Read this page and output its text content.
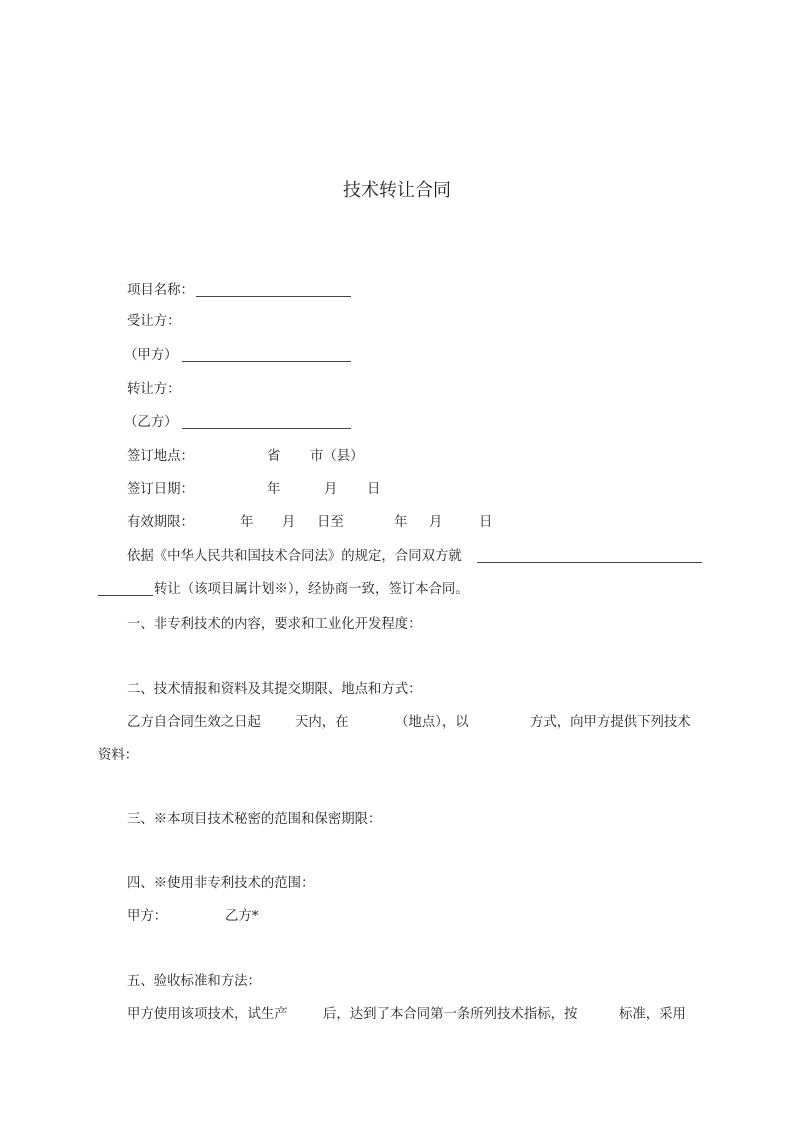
技术转让合同
项目名称：
受让方：
（甲方）
转让方：
（乙方）
签订地点：	省 市（县）
签订日期：	年	月 日
有效期限：	年 月 日至	年 月	日
依据《中华人民共和国技术合同法》的规定，合同双方就
转让（该项目属计划※），经协商一致，签订本合同。
一、非专利技术的内容，要求和工业化开发程度：
二、技术情报和资料及其提交期限、地点和方式：
乙方自合同生效之日起	天内，在	（地点），以	方式，向甲方提供下列技术
资料：
三、※本项目技术秘密的范围和保密期限：
四、※使用非专利技术的范围：
甲方：	乙方*
五、验收标准和方法：
甲方使用该项技术，试生产	后，达到了本合同第一条所列技术指标，按	标准，采用
